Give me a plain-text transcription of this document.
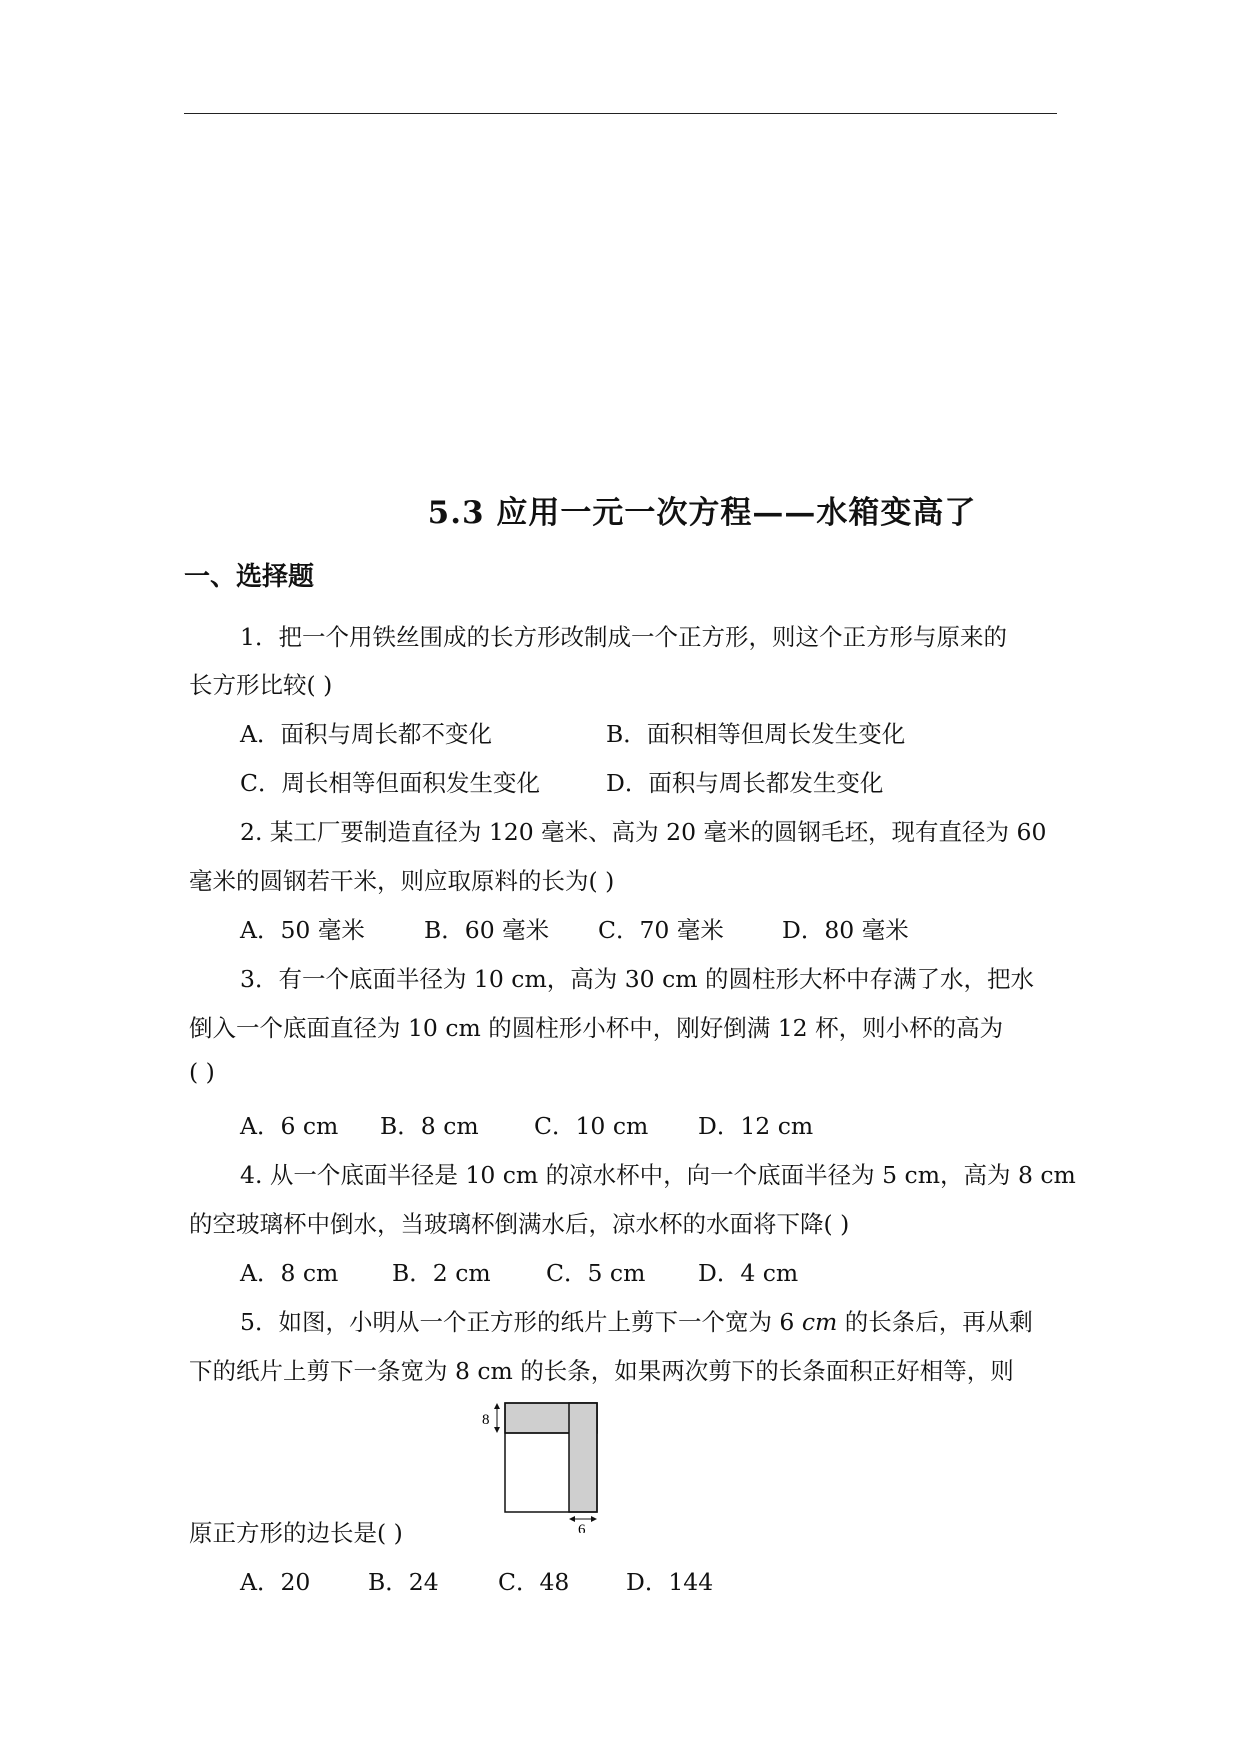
5.3 应用一元一次方程——水箱变高了
一、选择题
1．把一个用铁丝围成的长方形改制成一个正方形，则这个正方形与原来的
长方形比较( )
A．面积与周长都不变化	B．面积相等但周长发生变化
C．周长相等但面积发生变化	D．面积与周长都发生变化
2. 某工厂要制造直径为 120 毫米、高为 20 毫米的圆钢毛坯，现有直径为 60
毫米的圆钢若干米，则应取原料的长为( )
A．50 毫米	B．60 毫米 C．70 毫米 D．80 毫米
3．有一个底面半径为 10 cm，高为 30 cm 的圆柱形大杯中存满了水，把水
倒入一个底面直径为 10 cm 的圆柱形小杯中，刚好倒满 12 杯，则小杯的高为
( )
A．6 cm B．8 cm C．10 cm D．12 cm
4. 从一个底面半径是 10 cm 的凉水杯中，向一个底面半径为 5 cm，高为 8 cm
的空玻璃杯中倒水，当玻璃杯倒满水后，凉水杯的水面将下降( )
A．8 cm B．2 cm C．5 cm D．4 cm
5．如图，小明从一个正方形的纸片上剪下一个宽为 6 cm 的长条后，再从剩
下的纸片上剪下一条宽为 8 cm 的长条，如果两次剪下的长条面积正好相等，则
8
6
原正方形的边长是( )
A．20 B．24	C．48 D．144
